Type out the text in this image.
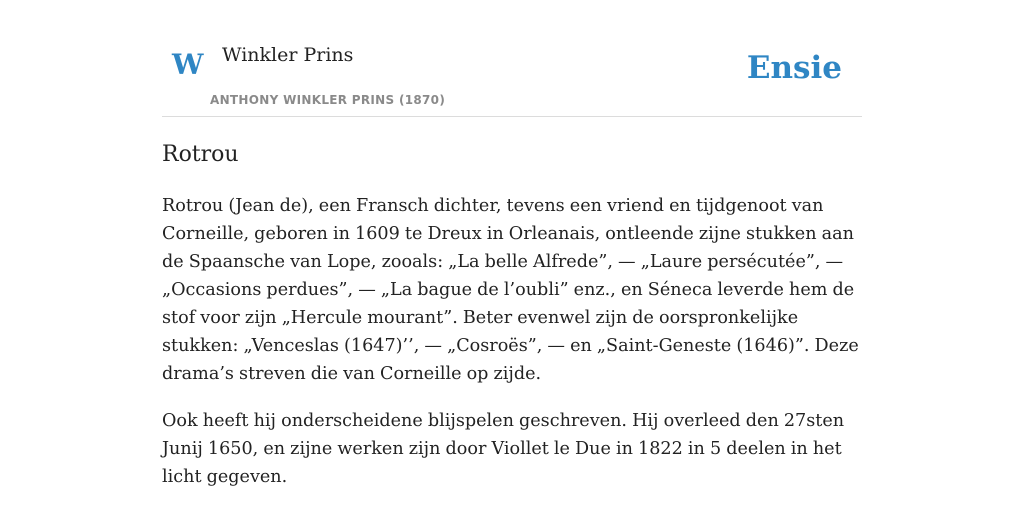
W Winkler Prins
ANTHONY WINKLER PRINS (1870)
Ensie
Rotrou

Rotrou (Jean de), een Fransch dichter, tevens een vriend en tijdgenoot van Corneille, geboren in 1609 te Dreux in Orleanais, ontleende zijne stukken aan de Spaansche van Lope, zooals: „La belle Alfrede”, — „Laure persécutée”, — „Occasions perdues”, — „La bague de l’oubli” enz., en Séneca leverde hem de stof voor zijn „Hercule mourant”. Beter evenwel zijn de oorspronkelijke stukken: „Venceslas (1647)’’, — „Cosroës”, — en „Saint-Geneste (1646)”. Deze drama’s streven die van Corneille op zijde.

Ook heeft hij onderscheidene blijspelen geschreven. Hij overleed den 27sten Junij 1650, en zijne werken zijn door Viollet le Due in 1822 in 5 deelen in het licht gegeven.
